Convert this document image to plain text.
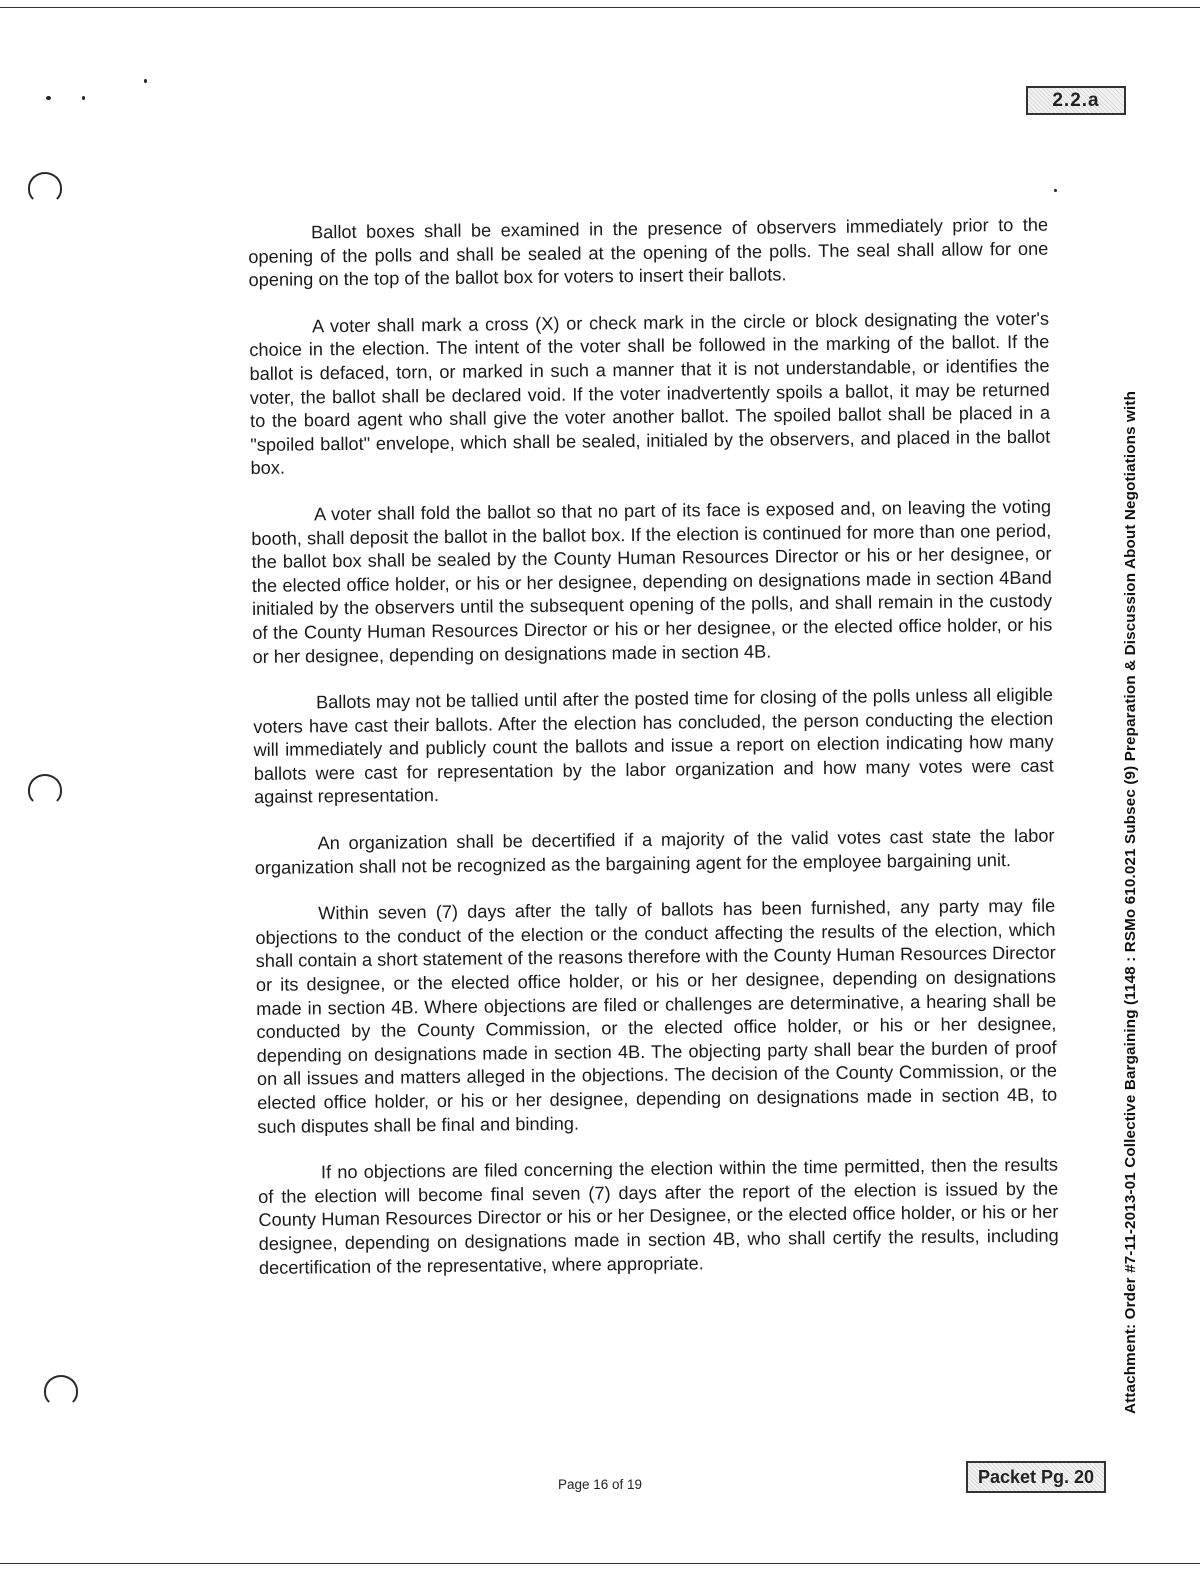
2.2.a
Attachment: Order #7-11-2013-01 Collective Bargaining (1148 : RSMo 610.021 Subsec (9) Preparation & Discussion About Negotiations with

Ballot boxes shall be examined in the presence of observers immediately prior to the opening of the polls and shall be sealed at the opening of the polls. The seal shall allow for one opening on the top of the ballot box for voters to insert their ballots.

A voter shall mark a cross (X) or check mark in the circle or block designating the voter's choice in the election. The intent of the voter shall be followed in the marking of the ballot. If the ballot is defaced, torn, or marked in such a manner that it is not understandable, or identifies the voter, the ballot shall be declared void. If the voter inadvertently spoils a ballot, it may be returned to the board agent who shall give the voter another ballot. The spoiled ballot shall be placed in a "spoiled ballot" envelope, which shall be sealed, initialed by the observers, and placed in the ballot box.

A voter shall fold the ballot so that no part of its face is exposed and, on leaving the voting booth, shall deposit the ballot in the ballot box. If the election is continued for more than one period, the ballot box shall be sealed by the County Human Resources Director or his or her designee, or the elected office holder, or his or her designee, depending on designations made in section 4Band initialed by the observers until the subsequent opening of the polls, and shall remain in the custody of the County Human Resources Director or his or her designee, or the elected office holder, or his or her designee, depending on designations made in section 4B.

Ballots may not be tallied until after the posted time for closing of the polls unless all eligible voters have cast their ballots. After the election has concluded, the person conducting the election will immediately and publicly count the ballots and issue a report on election indicating how many ballots were cast for representation by the labor organization and how many votes were cast against representation.

An organization shall be decertified if a majority of the valid votes cast state the labor organization shall not be recognized as the bargaining agent for the employee bargaining unit.

Within seven (7) days after the tally of ballots has been furnished, any party may file objections to the conduct of the election or the conduct affecting the results of the election, which shall contain a short statement of the reasons therefore with the County Human Resources Director or its designee, or the elected office holder, or his or her designee, depending on designations made in section 4B. Where objections are filed or challenges are determinative, a hearing shall be conducted by the County Commission, or the elected office holder, or his or her designee, depending on designations made in section 4B. The objecting party shall bear the burden of proof on all issues and matters alleged in the objections. The decision of the County Commission, or the elected office holder, or his or her designee, depending on designations made in section 4B, to such disputes shall be final and binding.

If no objections are filed concerning the election within the time permitted, then the results of the election will become final seven (7) days after the report of the election is issued by the County Human Resources Director or his or her Designee, or the elected office holder, or his or her designee, depending on designations made in section 4B, who shall certify the results, including decertification of the representative, where appropriate.

Page 16 of 19	Packet Pg. 20
